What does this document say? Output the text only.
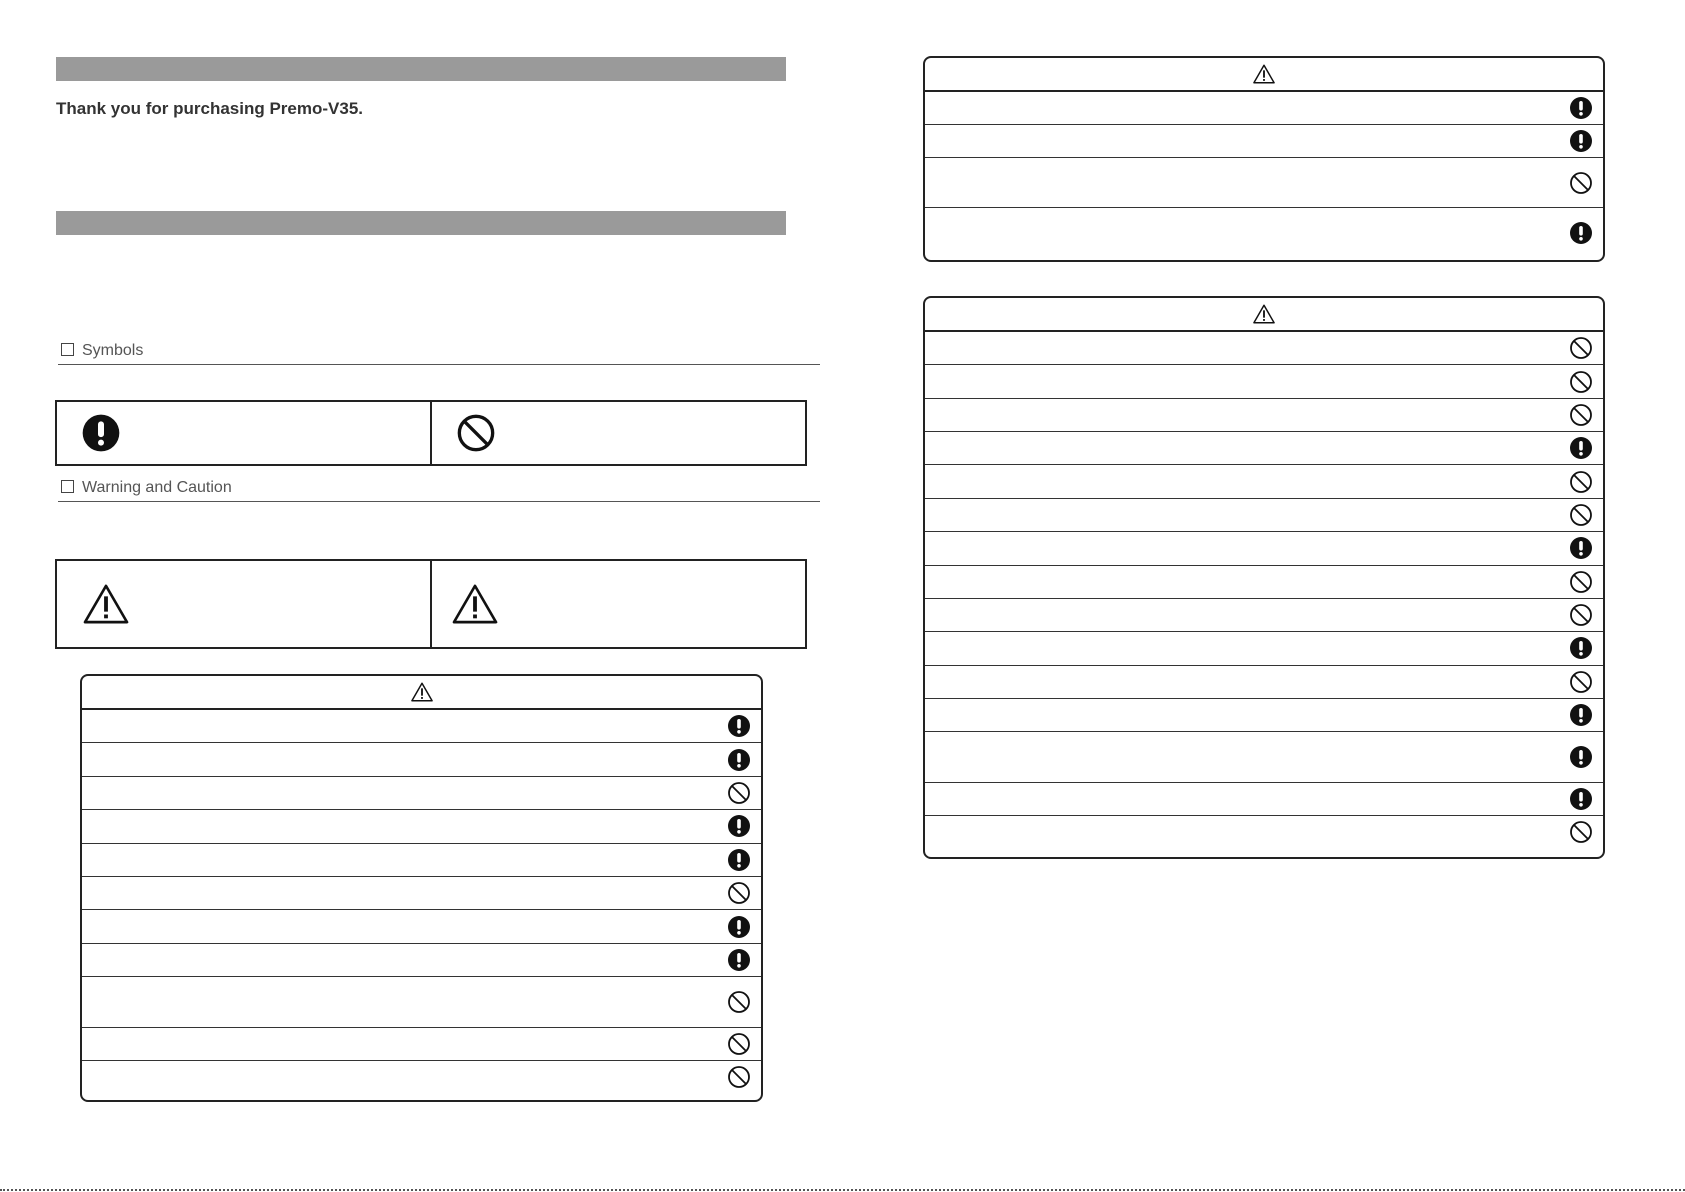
Thank you for purchasing Premo-V35.
Symbols
Warning and Caution
